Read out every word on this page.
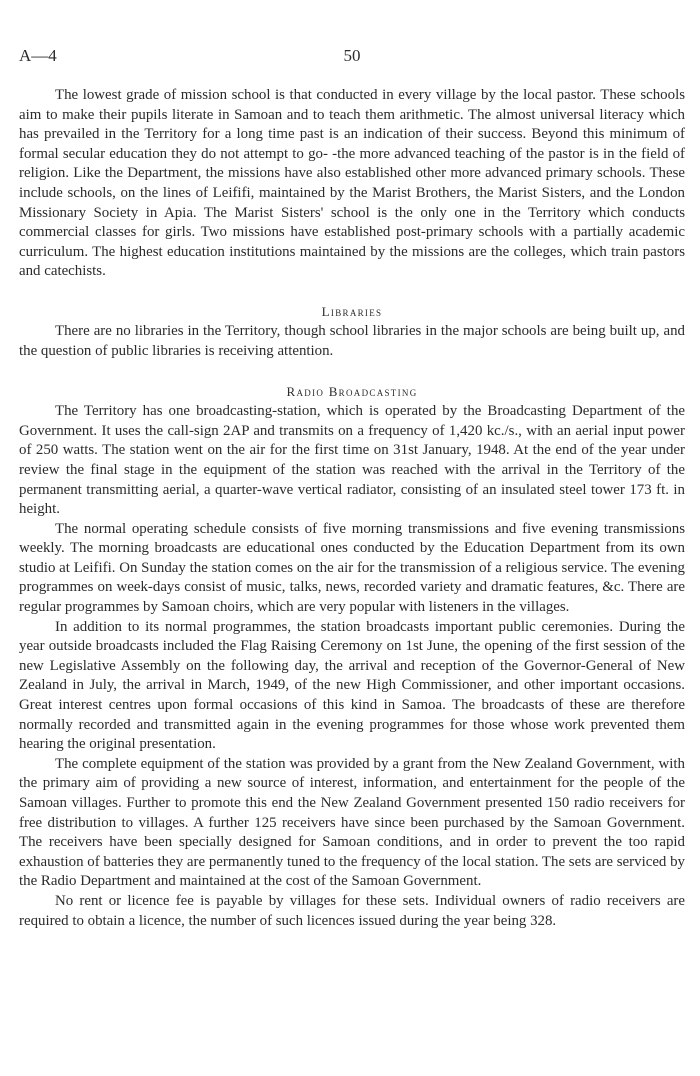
A—4	50

The lowest grade of mission school is that conducted in every village by the local pastor. These schools aim to make their pupils literate in Samoan and to teach them arithmetic. The almost universal literacy which has prevailed in the Territory for a long time past is an indication of their success. Beyond this minimum of formal secular education they do not attempt to go- -the more advanced teaching of the pastor is in the field of religion. Like the Department, the missions have also established other more advanced primary schools. These include schools, on the lines of Leififi, maintained by the Marist Brothers, the Marist Sisters, and the London Missionary Society in Apia. The Marist Sisters' school is the only one in the Territory which conducts commercial classes for girls. Two missions have established post-primary schools with a partially academic curriculum. The highest education institutions maintained by the missions are the colleges, which train pastors and catechists.

Libraries

There are no libraries in the Territory, though school libraries in the major schools are being built up, and the question of public libraries is receiving attention.

Radio Broadcasting

The Territory has one broadcasting-station, which is operated by the Broadcasting Department of the Government. It uses the call-sign 2AP and transmits on a frequency of 1,420 kc./s., with an aerial input power of 250 watts. The station went on the air for the first time on 31st January, 1948. At the end of the year under review the final stage in the equipment of the station was reached with the arrival in the Territory of the permanent transmitting aerial, a quarter-wave vertical radiator, consisting of an insulated steel tower 173 ft. in height.

The normal operating schedule consists of five morning transmissions and five evening transmissions weekly. The morning broadcasts are educational ones conducted by the Education Department from its own studio at Leififi. On Sunday the station comes on the air for the transmission of a religious service. The evening programmes on week-days consist of music, talks, news, recorded variety and dramatic features, &c. There are regular programmes by Samoan choirs, which are very popular with listeners in the villages.

In addition to its normal programmes, the station broadcasts important public ceremonies. During the year outside broadcasts included the Flag Raising Ceremony on 1st June, the opening of the first session of the new Legislative Assembly on the following day, the arrival and reception of the Governor-General of New Zealand in July, the arrival in March, 1949, of the new High Commissioner, and other important occasions. Great interest centres upon formal occasions of this kind in Samoa. The broadcasts of these are therefore normally recorded and transmitted again in the evening programmes for those whose work prevented them hearing the original presentation.

The complete equipment of the station was provided by a grant from the New Zealand Government, with the primary aim of providing a new source of interest, information, and entertainment for the people of the Samoan villages. Further to promote this end the New Zealand Government presented 150 radio receivers for free distribution to villages. A further 125 receivers have since been purchased by the Samoan Government. The receivers have been specially designed for Samoan conditions, and in order to prevent the too rapid exhaustion of batteries they are permanently tuned to the frequency of the local station. The sets are serviced by the Radio Department and maintained at the cost of the Samoan Government.

No rent or licence fee is payable by villages for these sets. Individual owners of radio receivers are required to obtain a licence, the number of such licences issued during the year being 328.
